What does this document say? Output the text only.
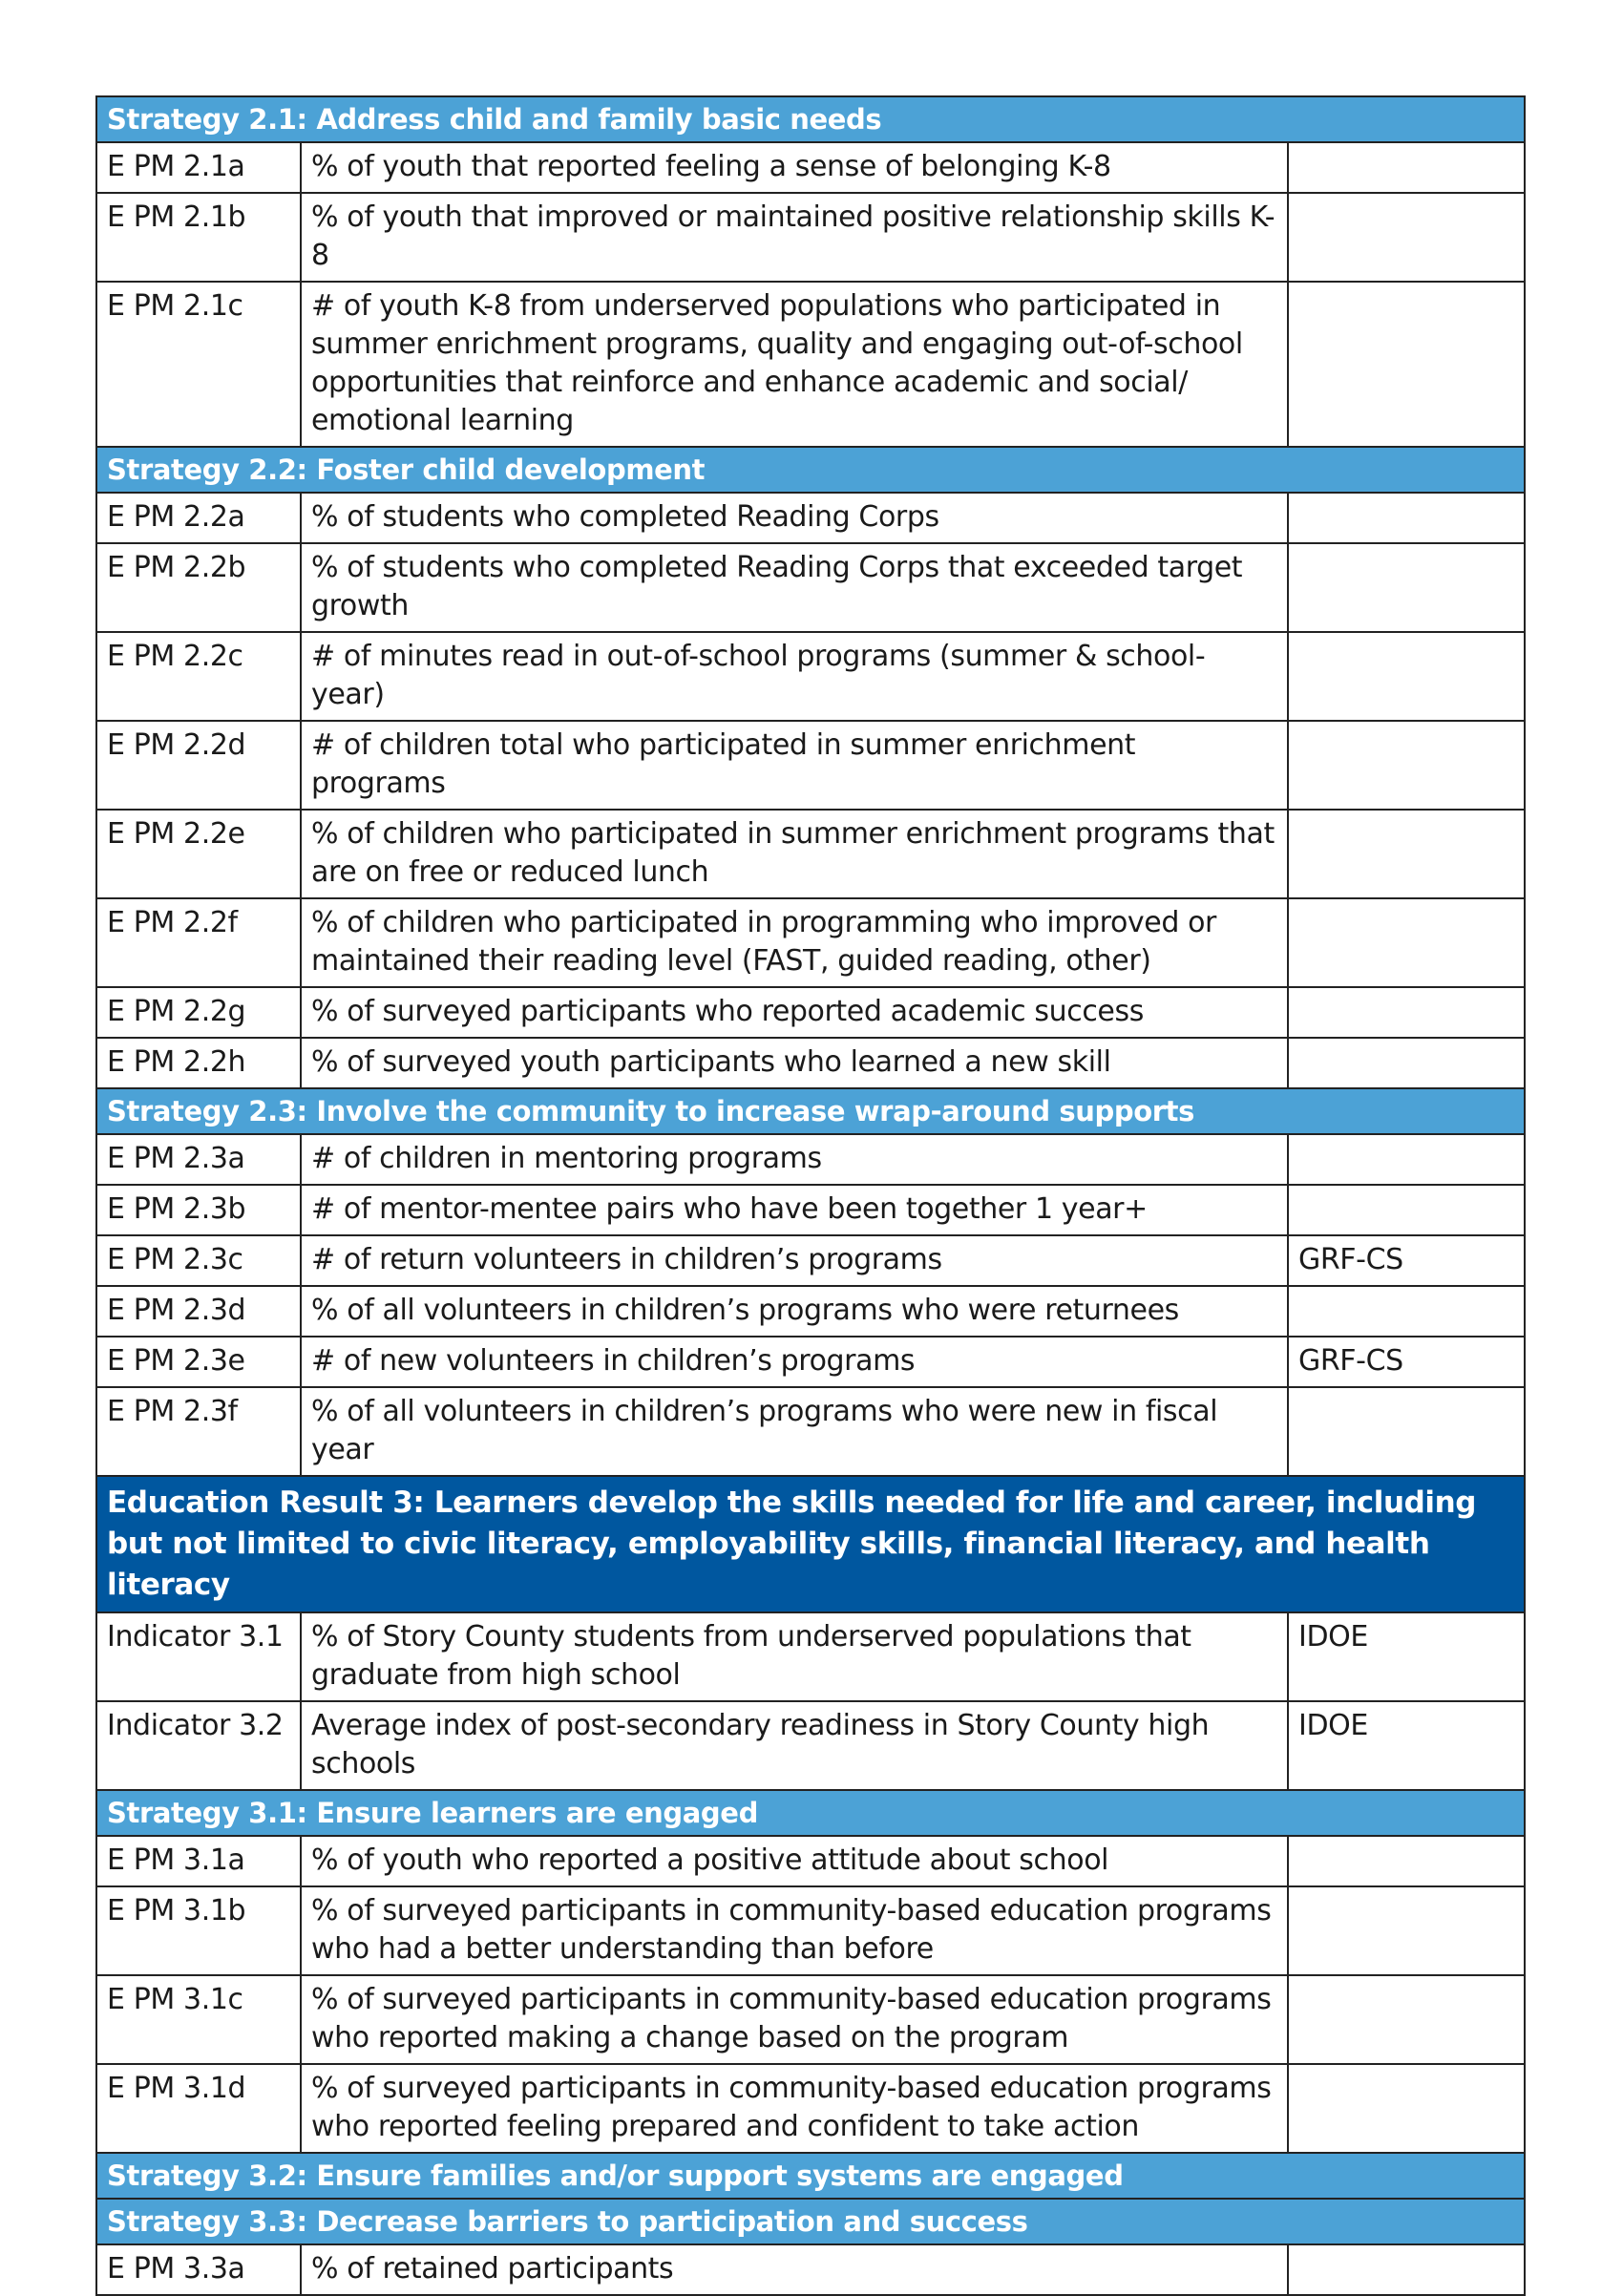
Strategy 2.1: Address child and family basic needs		
E PM 2.1a	% of youth that reported feeling a sense of belonging K-8	
E PM 2.1b	% of youth that improved or maintained positive relationship skills K-8	
E PM 2.1c	# of youth K-8 from underserved populations who participated in summer enrichment programs, quality and engaging out-of-school opportunities that reinforce and enhance academic and social/ emotional learning	
Strategy 2.2: Foster child development		
E PM 2.2a	% of students who completed Reading Corps	
E PM 2.2b	% of students who completed Reading Corps that exceeded target growth	
E PM 2.2c	# of minutes read in out-of-school programs (summer & school-year)	
E PM 2.2d	# of children total who participated in summer enrichment programs	
E PM 2.2e	% of children who participated in summer enrichment programs that are on free or reduced lunch	
E PM 2.2f	% of children who participated in programming who improved or maintained their reading level (FAST, guided reading, other)	
E PM 2.2g	% of surveyed participants who reported academic success	
E PM 2.2h	% of surveyed youth participants who learned a new skill	
Strategy 2.3: Involve the community to increase wrap-around supports		
E PM 2.3a	# of children in mentoring programs	
E PM 2.3b	# of mentor-mentee pairs who have been together 1 year+	
E PM 2.3c	# of return volunteers in children’s programs	GRF-CS
E PM 2.3d	% of all volunteers in children’s programs who were returnees	
E PM 2.3e	# of new volunteers in children’s programs	GRF-CS
E PM 2.3f	% of all volunteers in children’s programs who were new in fiscal year	
Education Result 3: Learners develop the skills needed for life and career, including but not limited to civic literacy, employability skills, financial literacy, and health literacy		
Indicator 3.1	% of Story County students from underserved populations that graduate from high school	IDOE
Indicator 3.2	Average index of post-secondary readiness in Story County high schools	IDOE
Strategy 3.1: Ensure learners are engaged		
E PM 3.1a	% of youth who reported a positive attitude about school	
E PM 3.1b	% of surveyed participants in community-based education programs who had a better understanding than before	
E PM 3.1c	% of surveyed participants in community-based education programs who reported making a change based on the program	
E PM 3.1d	% of surveyed participants in community-based education programs who reported feeling prepared and confident to take action	
Strategy 3.2: Ensure families and/or support systems are engaged		
Strategy 3.3: Decrease barriers to participation and success		
E PM 3.3a	% of retained participants	
